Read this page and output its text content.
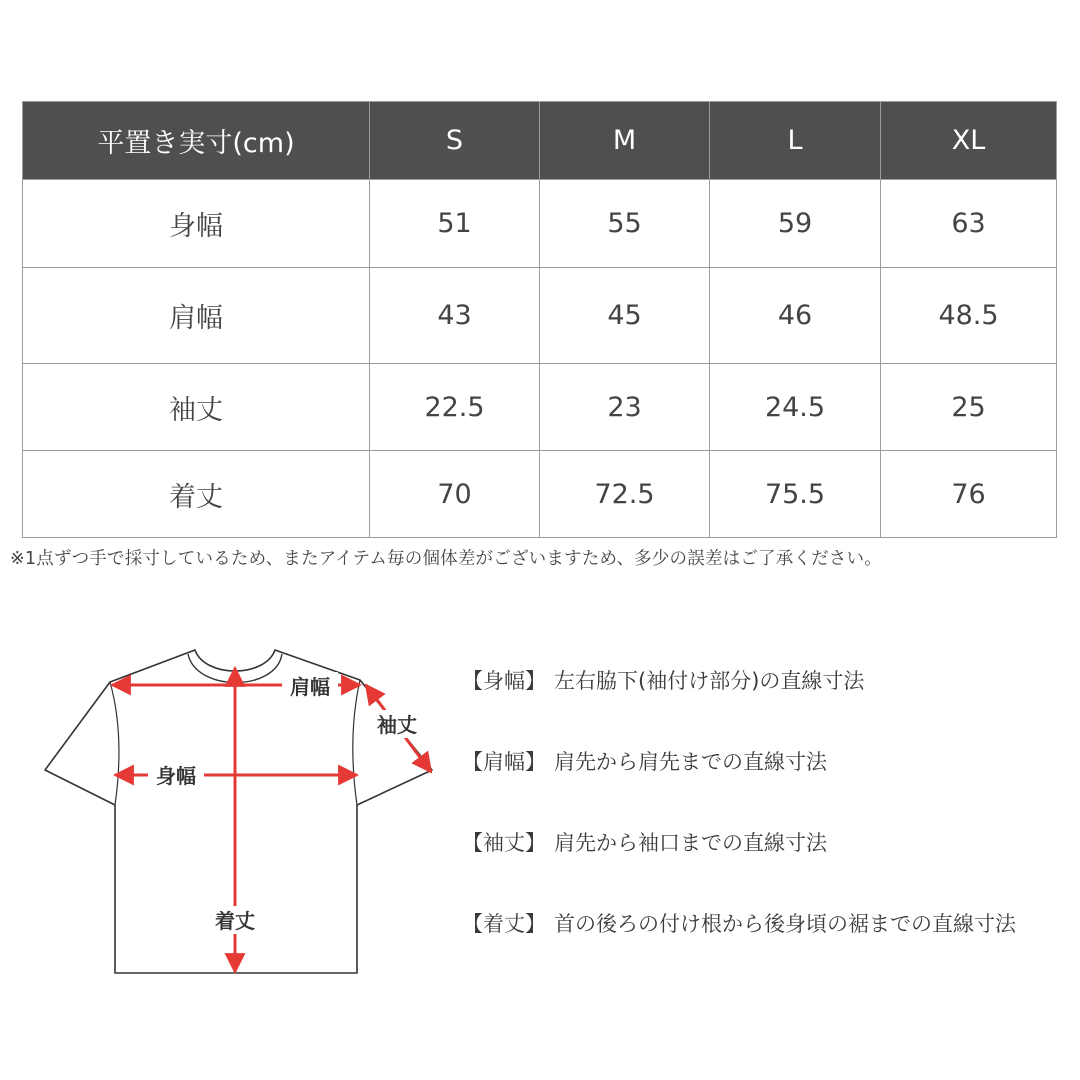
平置き実寸(cm)	S	M	L	XL
身幅	51	55	59	63
肩幅	43	45	46	48.5
袖丈	22.5	23	24.5	25
着丈	70	72.5	75.5	76
※1点ずつ手で採寸しているため、またアイテム毎の個体差がございますため、多少の誤差はご了承ください。
肩幅
袖丈
身幅
着丈
【身幅】 左右脇下(袖付け部分)の直線寸法
【肩幅】 肩先から肩先までの直線寸法
【袖丈】 肩先から袖口までの直線寸法
【着丈】 首の後ろの付け根から後身頃の裾までの直線寸法
